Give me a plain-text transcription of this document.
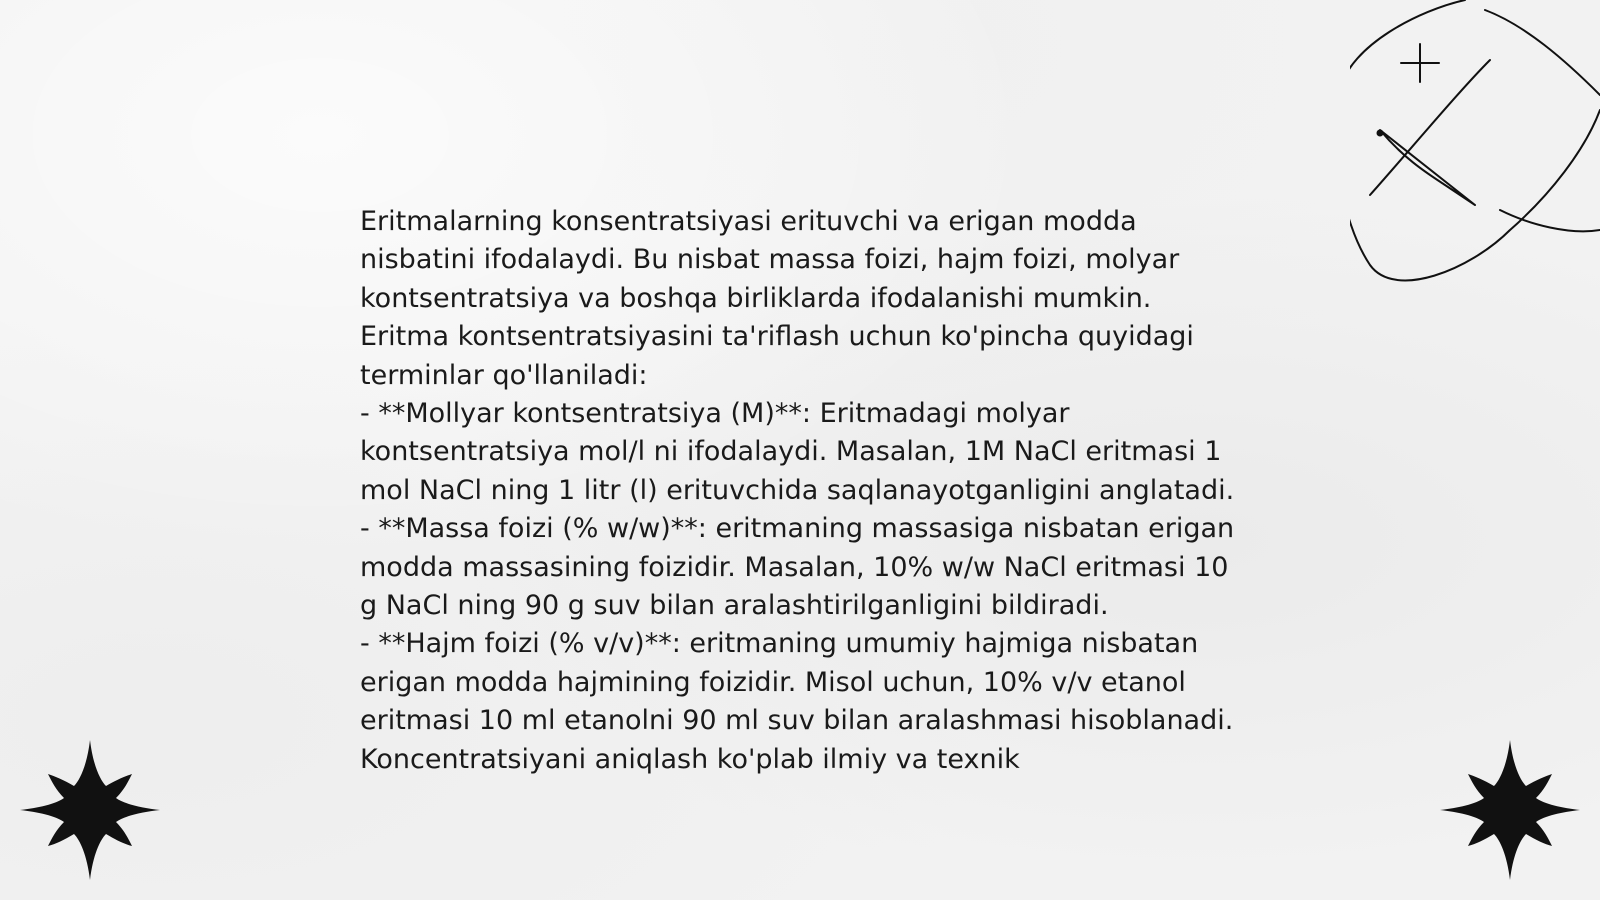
Eritmalarning konsentratsiyasi erituvchi va erigan modda nisbatini ifodalaydi. Bu nisbat massa foizi, hajm foizi, molyar kontsentratsiya va boshqa birliklarda ifodalanishi mumkin. Eritma kontsentratsiyasini ta'riflash uchun ko'pincha quyidagi terminlar qo'llaniladi:

- **Mollyar kontsentratsiya (M)**: Eritmadagi molyar kontsentratsiya mol/l ni ifodalaydi. Masalan, 1M NaCl eritmasi 1 mol NaCl ning 1 litr (l) erituvchida saqlanayotganligini anglatadi.

- **Massa foizi (% w/w)**: eritmaning massasiga nisbatan erigan modda massasining foizidir. Masalan, 10% w/w NaCl eritmasi 10 g NaCl ning 90 g suv bilan aralashtirilganligini bildiradi.

- **Hajm foizi (% v/v)**: eritmaning umumiy hajmiga nisbatan erigan modda hajmining foizidir. Misol uchun, 10% v/v etanol eritmasi 10 ml etanolni 90 ml suv bilan aralashmasi hisoblanadi.

Koncentratsiyani aniqlash ko'plab ilmiy va texnik
